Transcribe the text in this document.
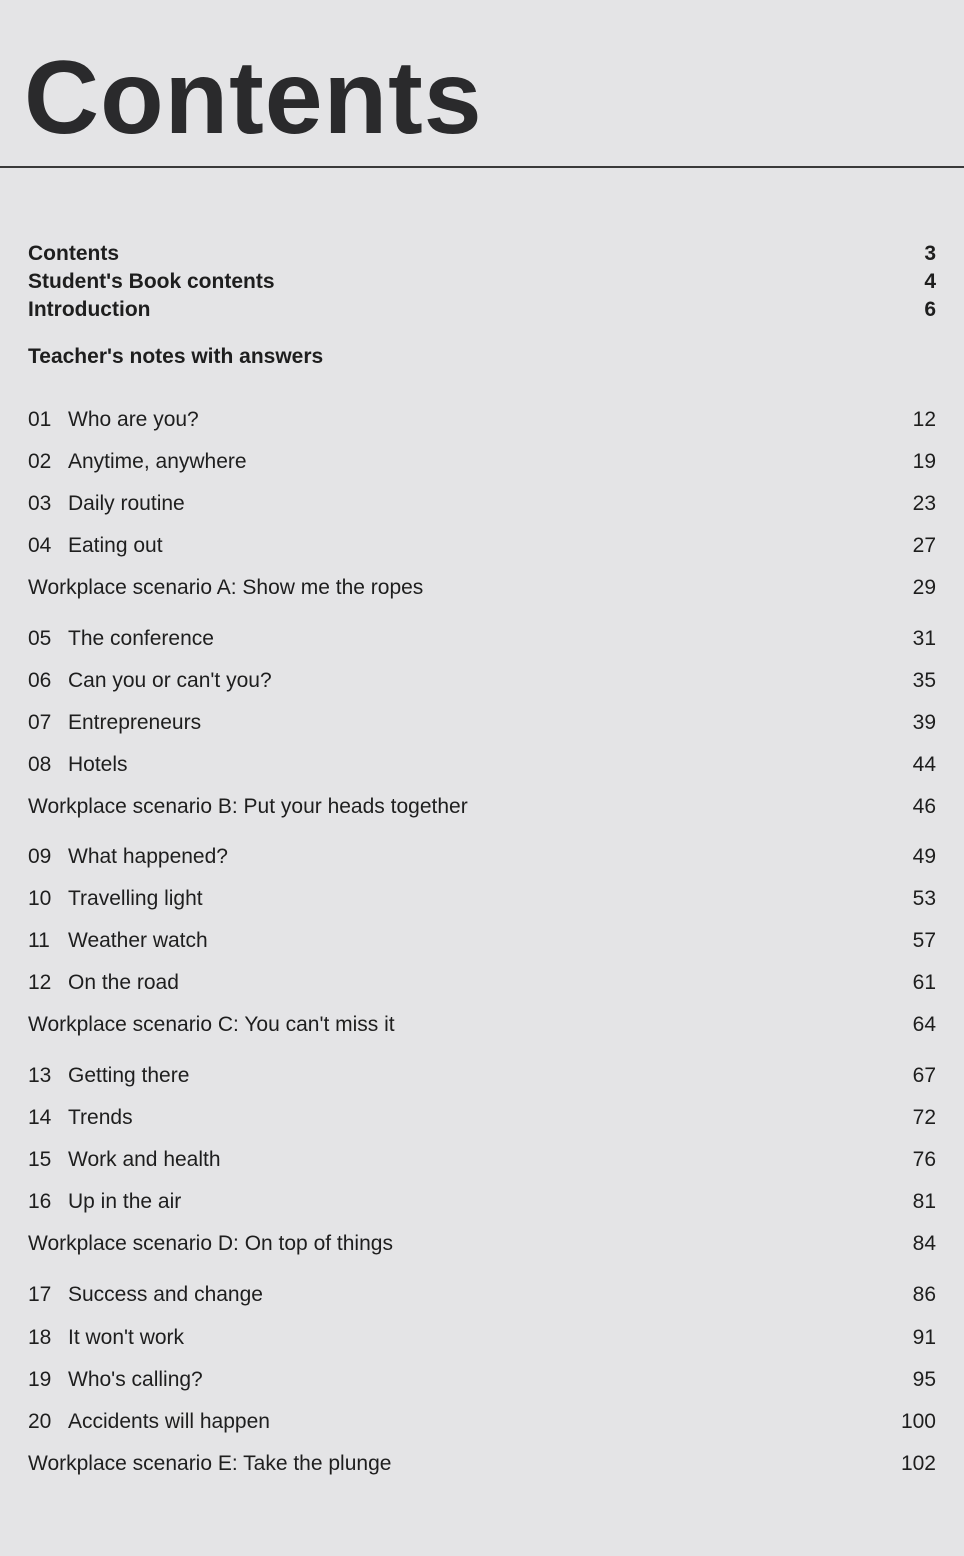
Contents
Contents	3
Student's Book contents	4
Introduction	6
Teacher's notes with answers
01 Who are you?	12
02 Anytime, anywhere	19
03 Daily routine	23
04 Eating out	27
Workplace scenario A: Show me the ropes	29
05 The conference	31
06 Can you or can't you?	35
07 Entrepreneurs	39
08 Hotels	44
Workplace scenario B: Put your heads together	46
09 What happened?	49
10 Travelling light	53
11 Weather watch	57
12 On the road	61
Workplace scenario C: You can't miss it	64
13 Getting there	67
14 Trends	72
15 Work and health	76
16 Up in the air	81
Workplace scenario D: On top of things	84
17 Success and change	86
18 It won't work	91
19 Who's calling?	95
20 Accidents will happen	100
Workplace scenario E: Take the plunge	102
